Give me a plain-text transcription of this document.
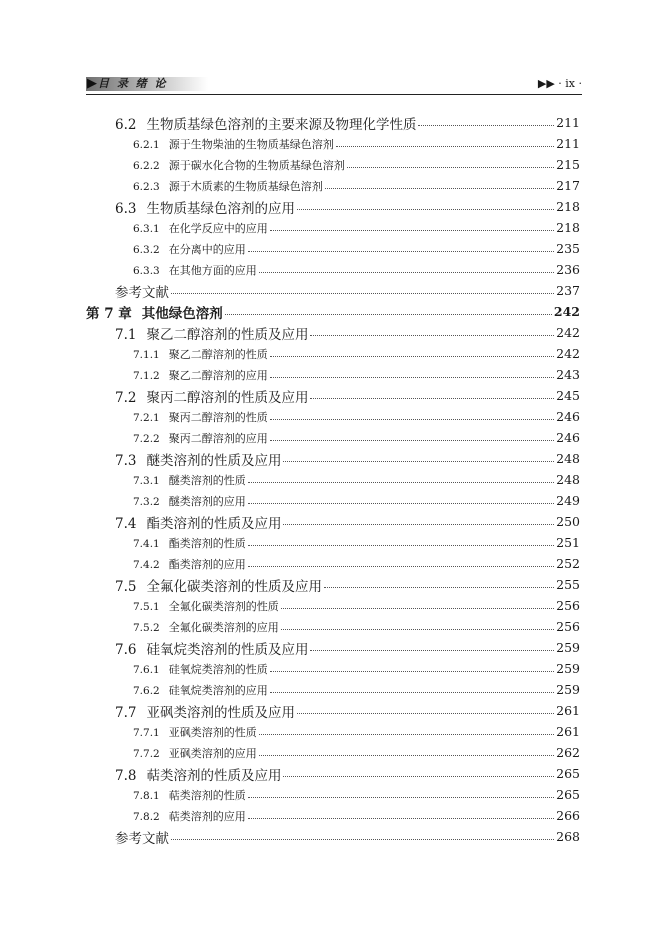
▶ 目 录 绪 论	▶▶ · ix ·
6.2 生物质基绿色溶剂的主要来源及物理化学性质	211
6.2.1 源于生物柴油的生物质基绿色溶剂	211
6.2.2 源于碳水化合物的生物质基绿色溶剂	215
6.2.3 源于木质素的生物质基绿色溶剂	217
6.3 生物质基绿色溶剂的应用	218
6.3.1 在化学反应中的应用	218
6.3.2 在分离中的应用	235
6.3.3 在其他方面的应用	236
参考文献	237
第 7 章 其他绿色溶剂	242
7.1 聚乙二醇溶剂的性质及应用	242
7.1.1 聚乙二醇溶剂的性质	242
7.1.2 聚乙二醇溶剂的应用	243
7.2 聚丙二醇溶剂的性质及应用	245
7.2.1 聚丙二醇溶剂的性质	246
7.2.2 聚丙二醇溶剂的应用	246
7.3 醚类溶剂的性质及应用	248
7.3.1 醚类溶剂的性质	248
7.3.2 醚类溶剂的应用	249
7.4 酯类溶剂的性质及应用	250
7.4.1 酯类溶剂的性质	251
7.4.2 酯类溶剂的应用	252
7.5 全氟化碳类溶剂的性质及应用	255
7.5.1 全氟化碳类溶剂的性质	256
7.5.2 全氟化碳类溶剂的应用	256
7.6 硅氧烷类溶剂的性质及应用	259
7.6.1 硅氧烷类溶剂的性质	259
7.6.2 硅氧烷类溶剂的应用	259
7.7 亚砜类溶剂的性质及应用	261
7.7.1 亚砜类溶剂的性质	261
7.7.2 亚砜类溶剂的应用	262
7.8 萜类溶剂的性质及应用	265
7.8.1 萜类溶剂的性质	265
7.8.2 萜类溶剂的应用	266
参考文献	268
